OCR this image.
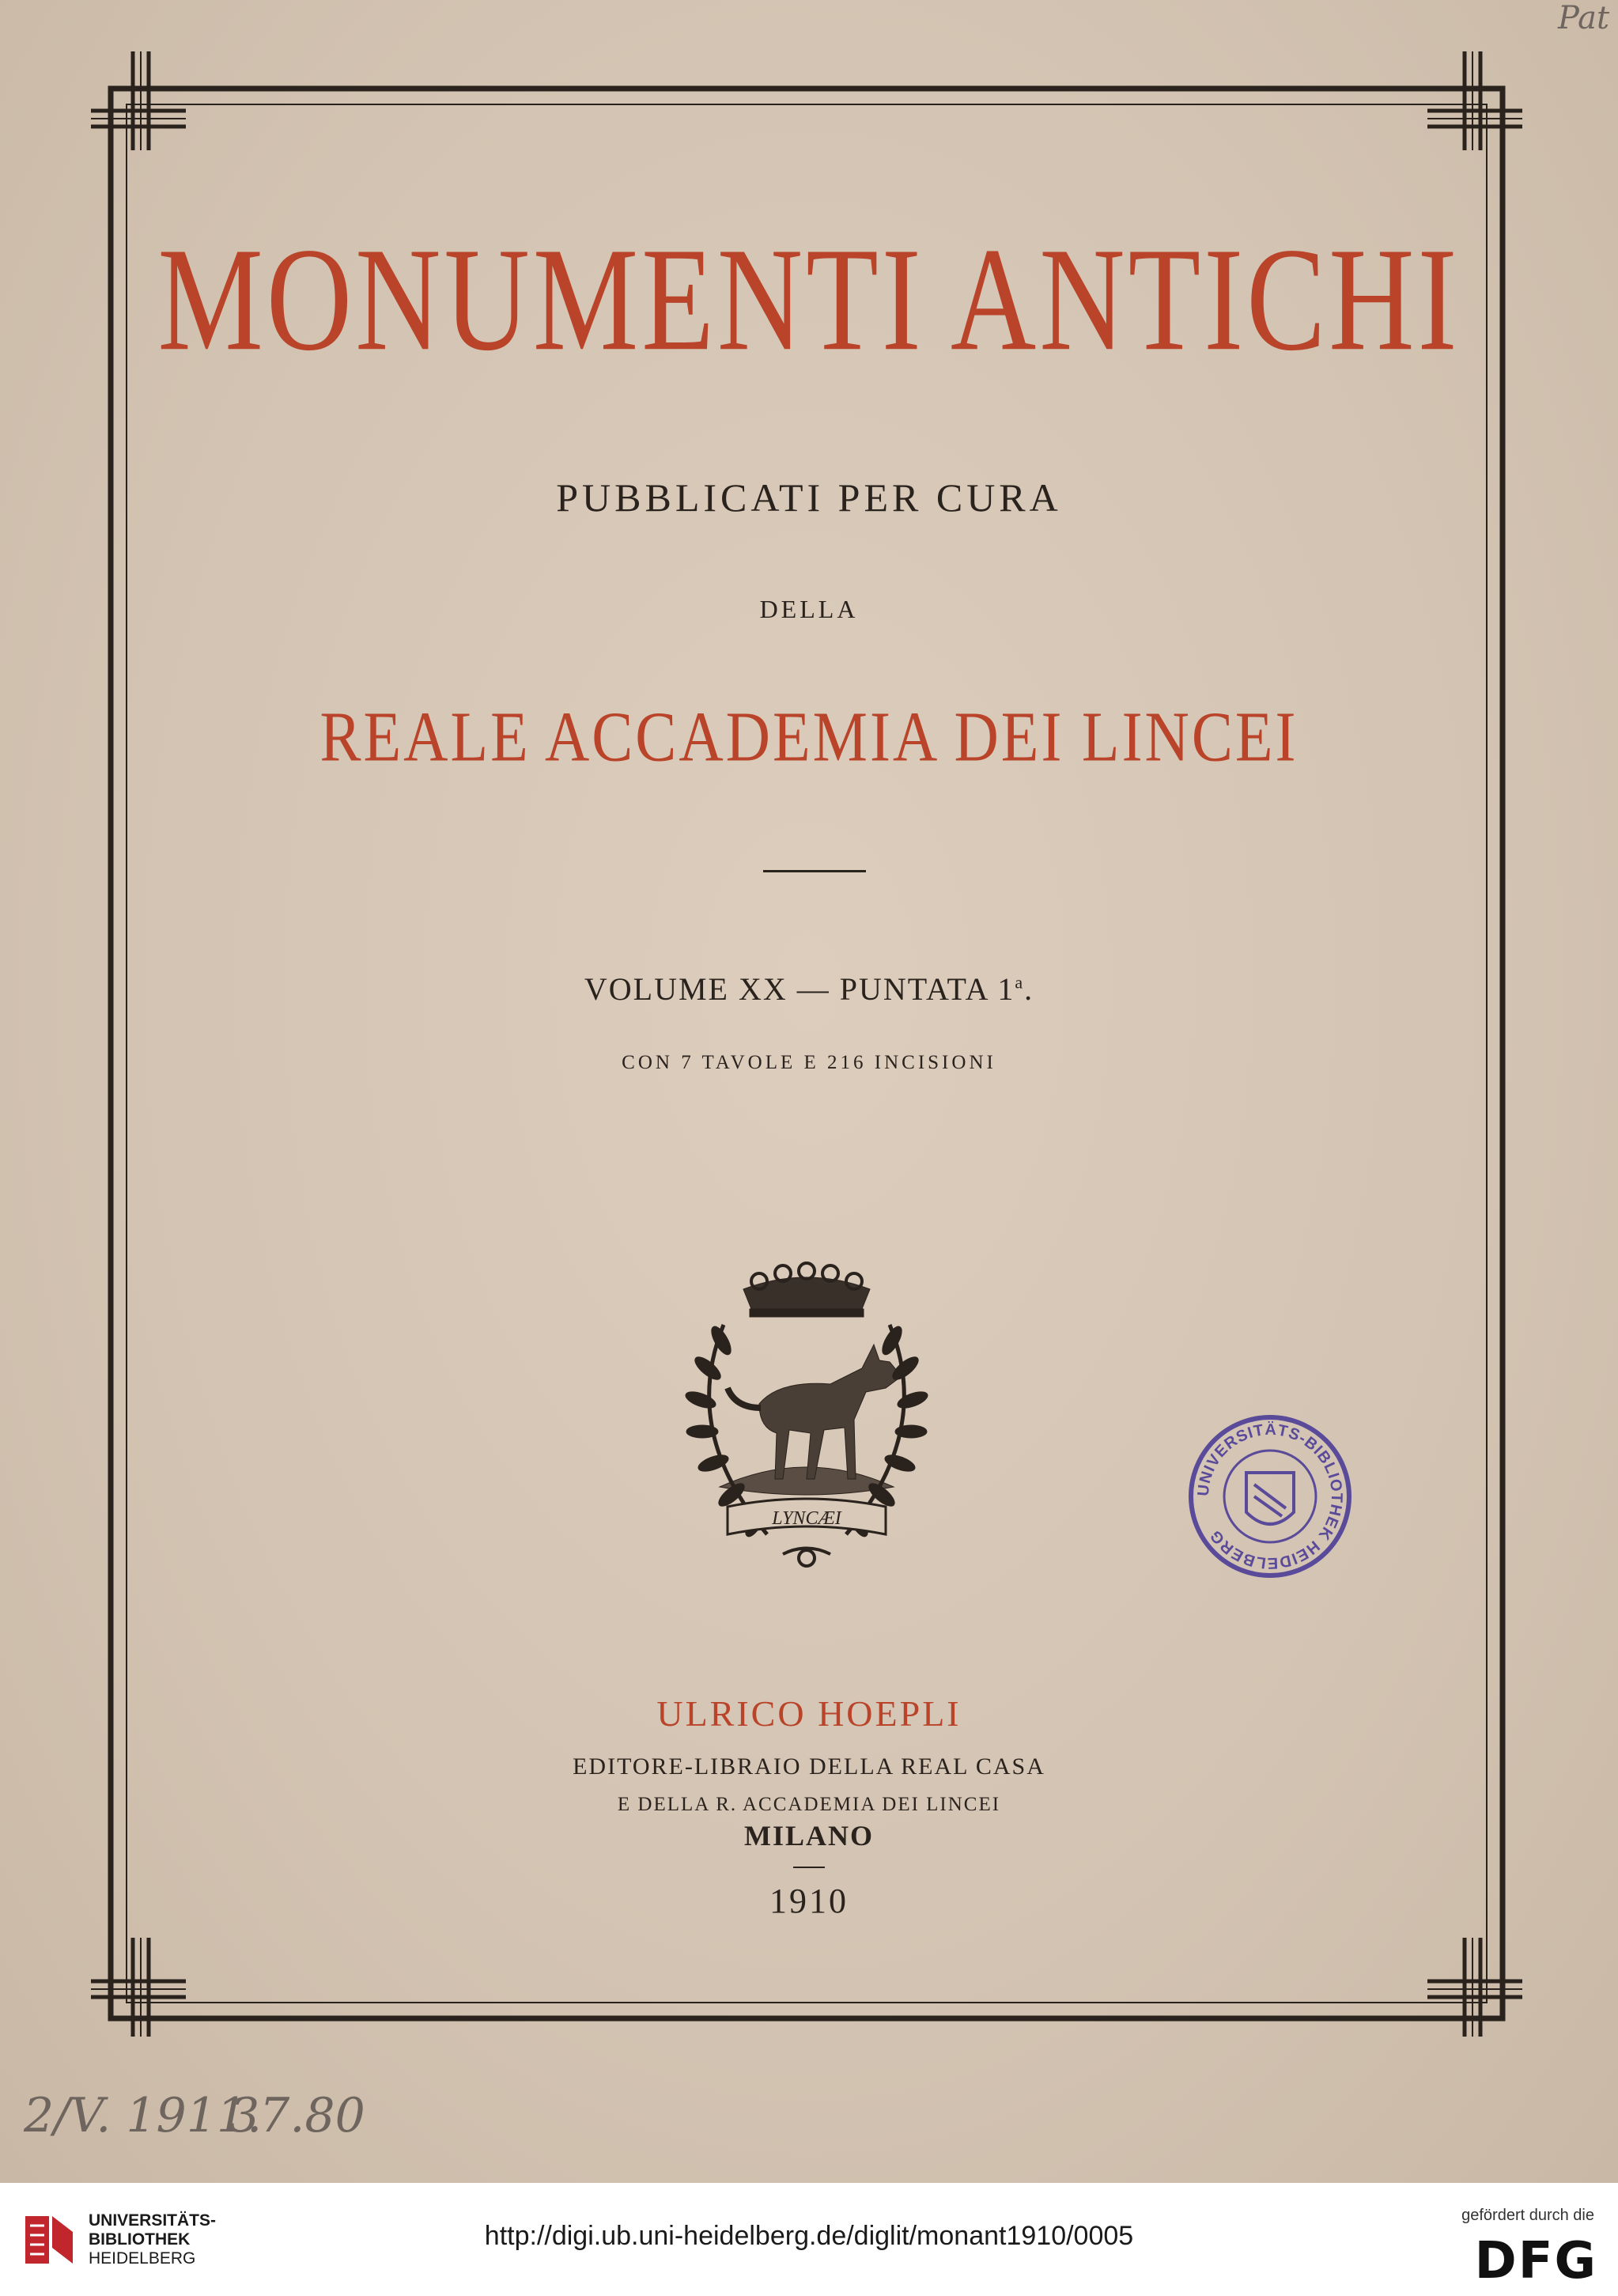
MONUMENTI ANTICHI
PUBBLICATI PER CURA
DELLA
REALE ACCADEMIA DEI LINCEI
VOLUME XX — PUNTATA 1$^a$.
CON 7 TAVOLE E 216 INCISIONI
LYNCÆI
UNIVERSITÄTS-BIBLIOTHEK HEIDELBERG
ULRICO HOEPLI
EDITORE-LIBRAIO DELLA REAL CASA
E DELLA R. ACCADEMIA DEI LINCEI
MILANO
1910
2/V. 1911.
37.80
Pat
UNIVERSITÄTS-
BIBLIOTHEK
HEIDELBERG
http://digi.ub.uni-heidelberg.de/diglit/monant1910/0005
gefördert durch die
DFG
